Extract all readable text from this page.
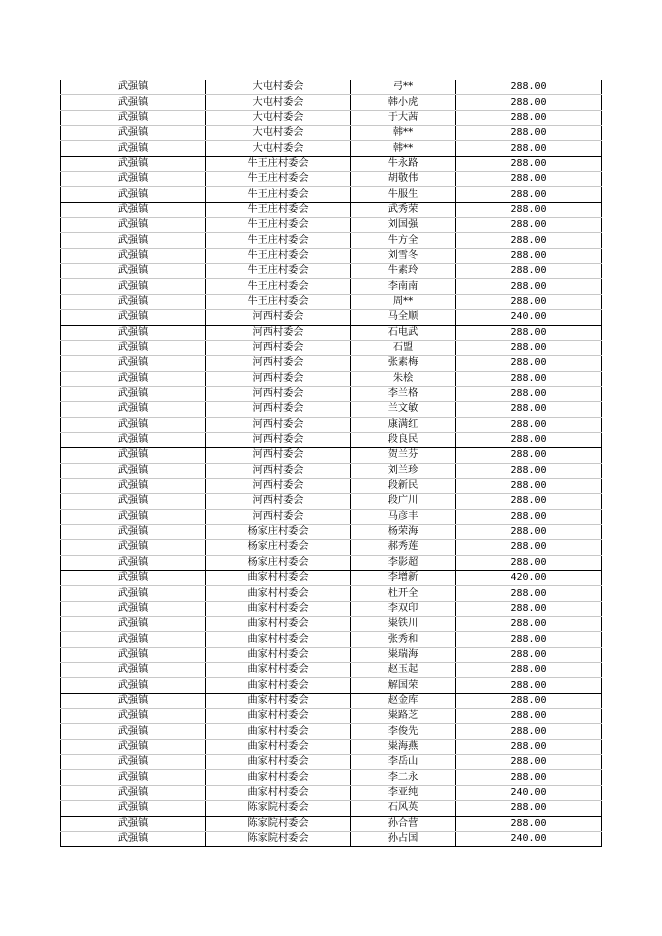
武强镇	大屯村委会	弓**	288.00
武强镇	大屯村委会	韩小虎	288.00
武强镇	大屯村委会	于大茜	288.00
武强镇	大屯村委会	韩**	288.00
武强镇	大屯村委会	韩**	288.00
武强镇	牛王庄村委会	牛永路	288.00
武强镇	牛王庄村委会	胡敬伟	288.00
武强镇	牛王庄村委会	牛服生	288.00
武强镇	牛王庄村委会	武秀荣	288.00
武强镇	牛王庄村委会	刘国强	288.00
武强镇	牛王庄村委会	牛方全	288.00
武强镇	牛王庄村委会	刘雪冬	288.00
武强镇	牛王庄村委会	牛素玲	288.00
武强镇	牛王庄村委会	李南南	288.00
武强镇	牛王庄村委会	周**	288.00
武强镇	河西村委会	马全顺	240.00
武强镇	河西村委会	石电武	288.00
武强镇	河西村委会	石盟	288.00
武强镇	河西村委会	张素梅	288.00
武强镇	河西村委会	朱桧	288.00
武强镇	河西村委会	李兰格	288.00
武强镇	河西村委会	兰文敏	288.00
武强镇	河西村委会	康满红	288.00
武强镇	河西村委会	段良民	288.00
武强镇	河西村委会	贺兰芬	288.00
武强镇	河西村委会	刘兰珍	288.00
武强镇	河西村委会	段新民	288.00
武强镇	河西村委会	段广川	288.00
武强镇	河西村委会	马彦丰	288.00
武强镇	杨家庄村委会	杨荣海	288.00
武强镇	杨家庄村委会	郝秀莲	288.00
武强镇	杨家庄村委会	李影超	288.00
武强镇	曲家村村委会	李增新	420.00
武强镇	曲家村村委会	杜开全	288.00
武强镇	曲家村村委会	李双印	288.00
武强镇	曲家村村委会	粜铁川	288.00
武强镇	曲家村村委会	张秀和	288.00
武强镇	曲家村村委会	粜瑞海	288.00
武强镇	曲家村村委会	赵玉起	288.00
武强镇	曲家村村委会	解国荣	288.00
武强镇	曲家村村委会	赵金库	288.00
武强镇	曲家村村委会	粜路芝	288.00
武强镇	曲家村村委会	李俊先	288.00
武强镇	曲家村村委会	粜海燕	288.00
武强镇	曲家村村委会	李岳山	288.00
武强镇	曲家村村委会	李二永	288.00
武强镇	曲家村村委会	李亚纯	240.00
武强镇	陈家院村委会	石风英	288.00
武强镇	陈家院村委会	孙合营	288.00
武强镇	陈家院村委会	孙占国	240.00
